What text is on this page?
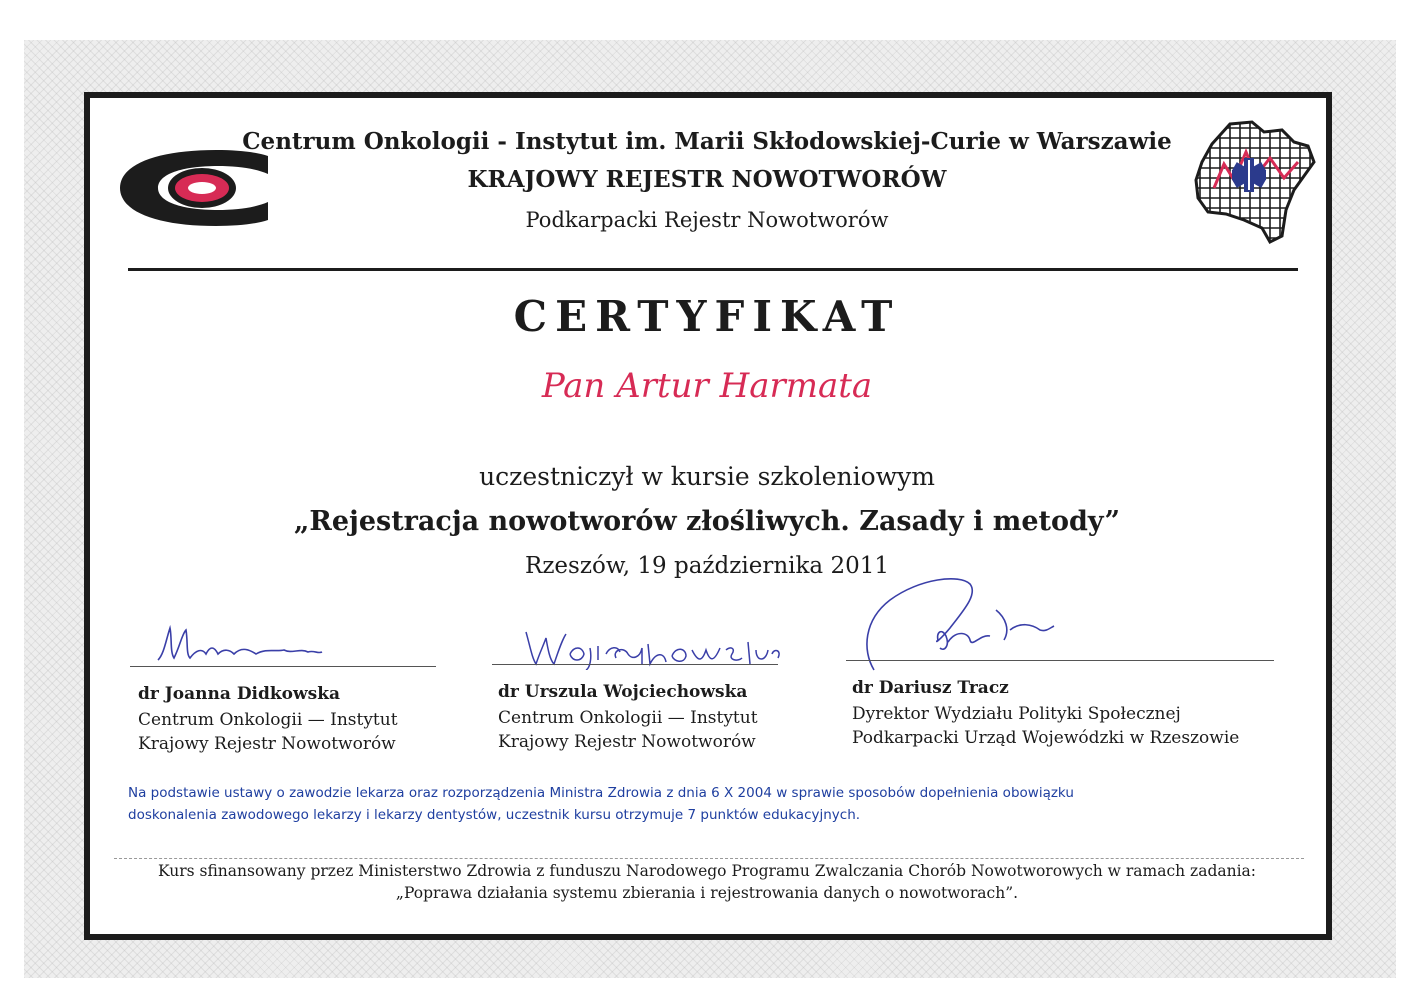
Centrum Onkologii - Instytut im. Marii Skłodowskiej-Curie w Warszawie
KRAJOWY REJESTR NOWOTWORÓW
Podkarpacki Rejestr Nowotworów
CERTYFIKAT
Pan Artur Harmata
uczestniczył w kursie szkoleniowym
„Rejestracja nowotworów złośliwych. Zasady i metody”
Rzeszów, 19 października 2011
dr Joanna Didkowska
Centrum Onkologii — Instytut
Krajowy Rejestr Nowotworów
dr Urszula Wojciechowska
Centrum Onkologii — Instytut
Krajowy Rejestr Nowotworów
dr Dariusz Tracz
Dyrektor Wydziału Polityki Społecznej
Podkarpacki Urząd Wojewódzki w Rzeszowie
Na podstawie ustawy o zawodzie lekarza oraz rozporządzenia Ministra Zdrowia z dnia 6 X 2004 w sprawie sposobów dopełnienia obowiązku
doskonalenia zawodowego lekarzy i lekarzy dentystów, uczestnik kursu otrzymuje 7 punktów edukacyjnych.
Kurs sfinansowany przez Ministerstwo Zdrowia z funduszu Narodowego Programu Zwalczania Chorób Nowotworowych w ramach zadania:
„Poprawa działania systemu zbierania i rejestrowania danych o nowotworach”.
